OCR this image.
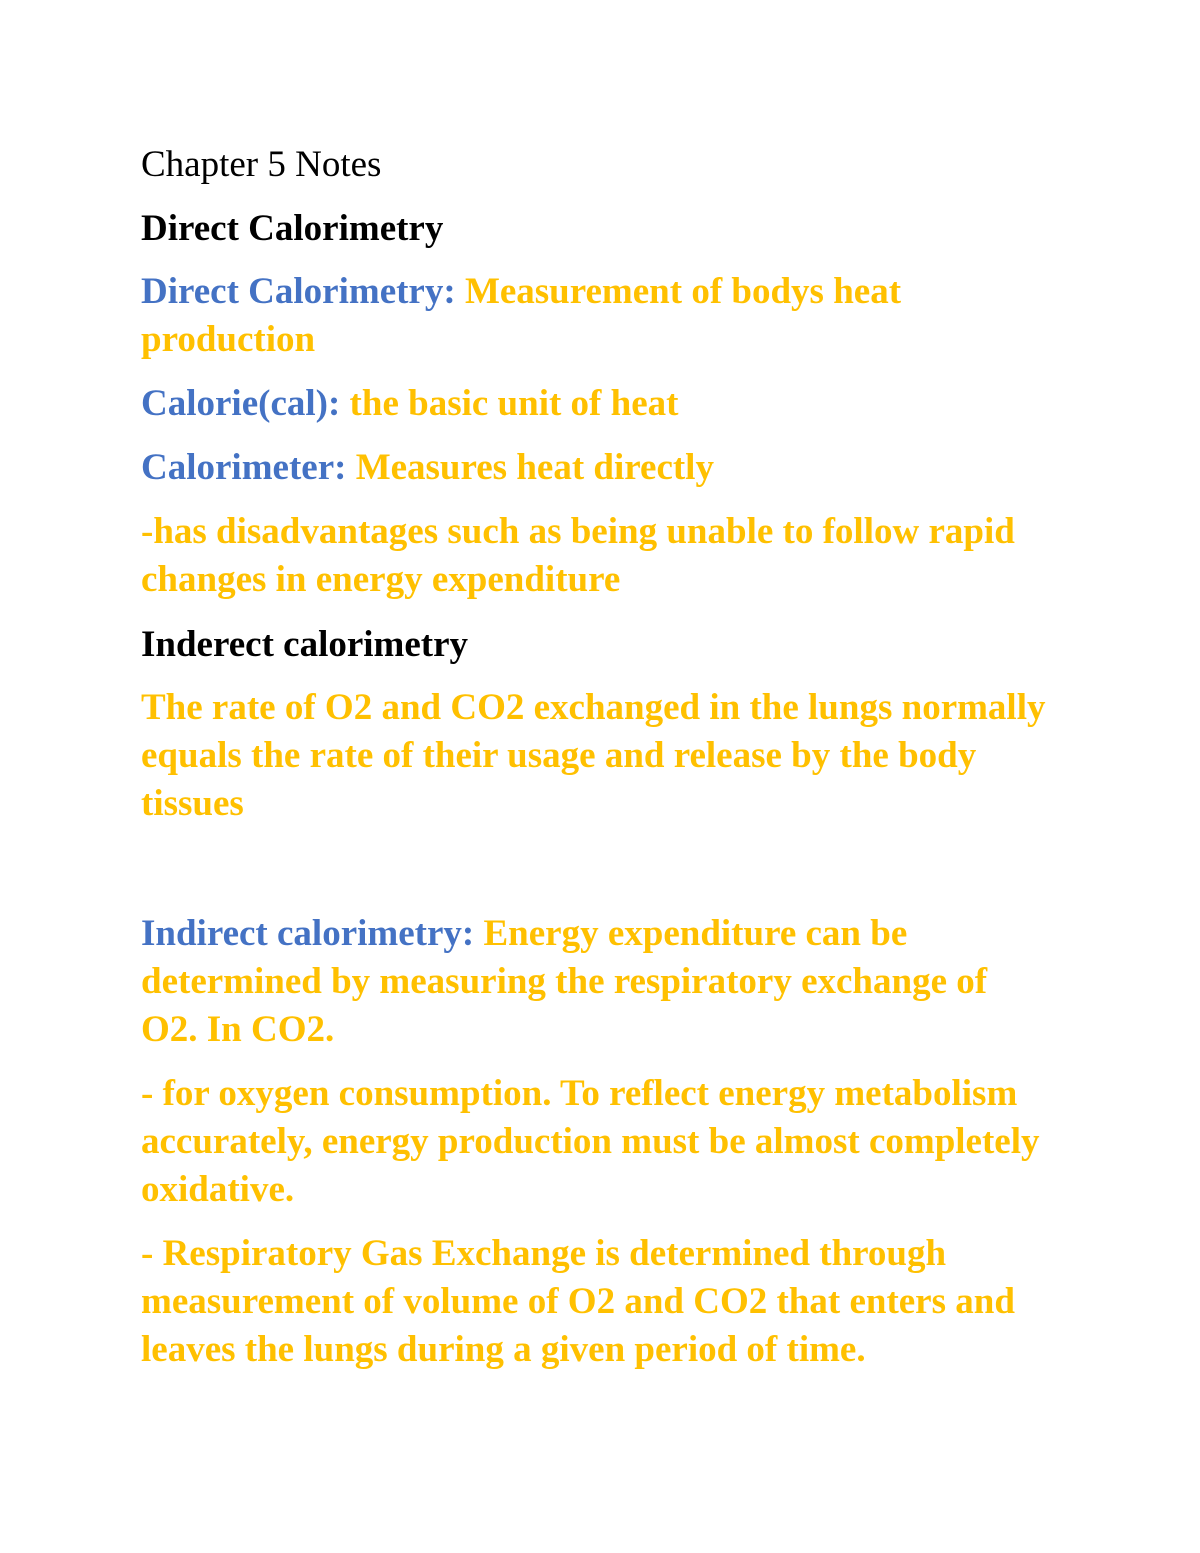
Chapter 5 Notes
Direct Calorimetry
Direct Calorimetry: Measurement of bodys heat production
Calorie(cal): the basic unit of heat
Calorimeter: Measures heat directly
-has disadvantages such as being unable to follow rapid changes in energy expenditure
Inderect calorimetry
The rate of O2 and CO2 exchanged in the lungs normally equals the rate of their usage and release by the body tissues
Indirect calorimetry: Energy expenditure can be determined by measuring the respiratory exchange of O2. In CO2.
- for oxygen consumption. To reflect energy metabolism accurately, energy production must be almost completely oxidative.
- Respiratory Gas Exchange is determined through measurement of volume of O2 and CO2 that enters and leaves the lungs during a given period of time.
